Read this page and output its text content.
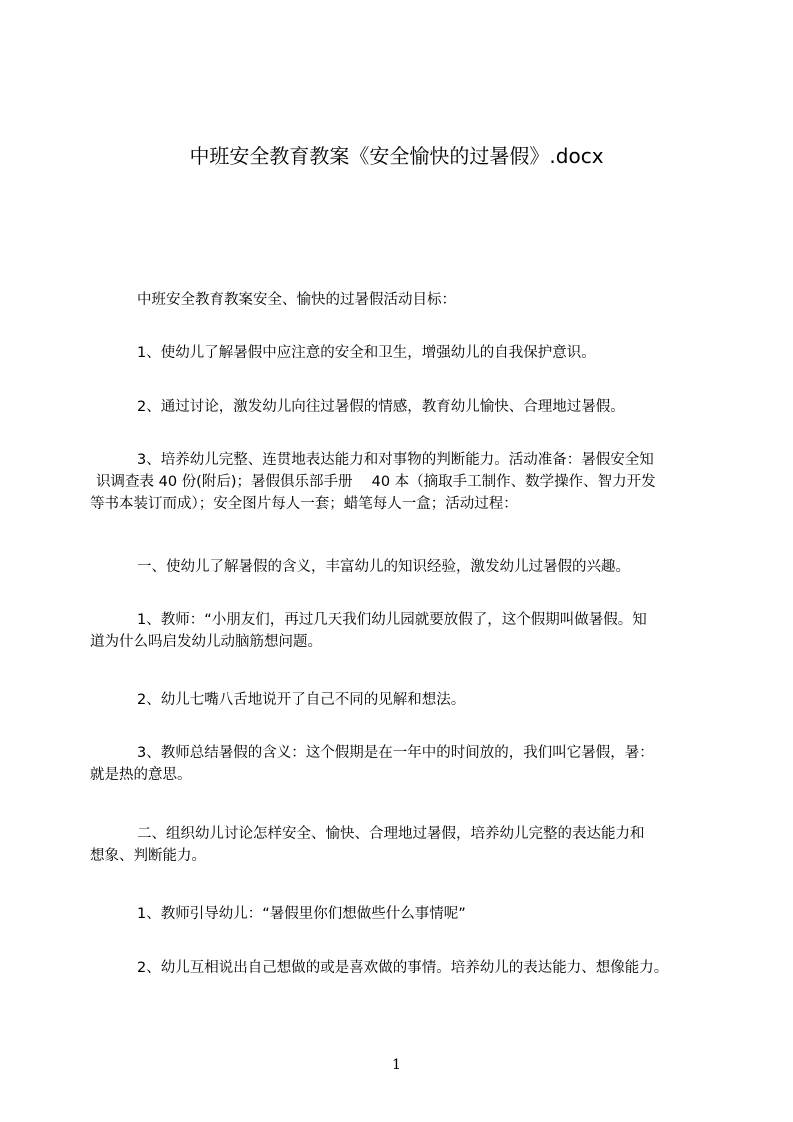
中班安全教育教案《安全愉快的过暑假》.docx
中班安全教育教案安全、愉快的过暑假活动目标：
1、使幼儿了解暑假中应注意的安全和卫生，增强幼儿的自我保护意识。
2、通过讨论，激发幼儿向往过暑假的情感，教育幼儿愉快、合理地过暑假。
3、培养幼儿完整、连贯地表达能力和对事物的判断能力。活动准备：暑假安全知
识调查表 40 份(附后)；暑假俱乐部手册　 40 本（摘取手工制作、数学操作、智力开发
等书本装订而成）；安全图片每人一套；蜡笔每人一盒；活动过程：
一、使幼儿了解暑假的含义，丰富幼儿的知识经验，激发幼儿过暑假的兴趣。
1、教师：“小朋友们，再过几天我们幼儿园就要放假了，这个假期叫做暑假。知
道为什么吗启发幼儿动脑筋想问题。
2、幼儿七嘴八舌地说开了自己不同的见解和想法。
3、教师总结暑假的含义：这个假期是在一年中的时间放的，我们叫它暑假，暑：
就是热的意思。
二、组织幼儿讨论怎样安全、愉快、合理地过暑假，培养幼儿完整的表达能力和
想象、判断能力。
1、教师引导幼儿：“暑假里你们想做些什么事情呢”
2、幼儿互相说出自己想做的或是喜欢做的事情。培养幼儿的表达能力、想像能力。
1
